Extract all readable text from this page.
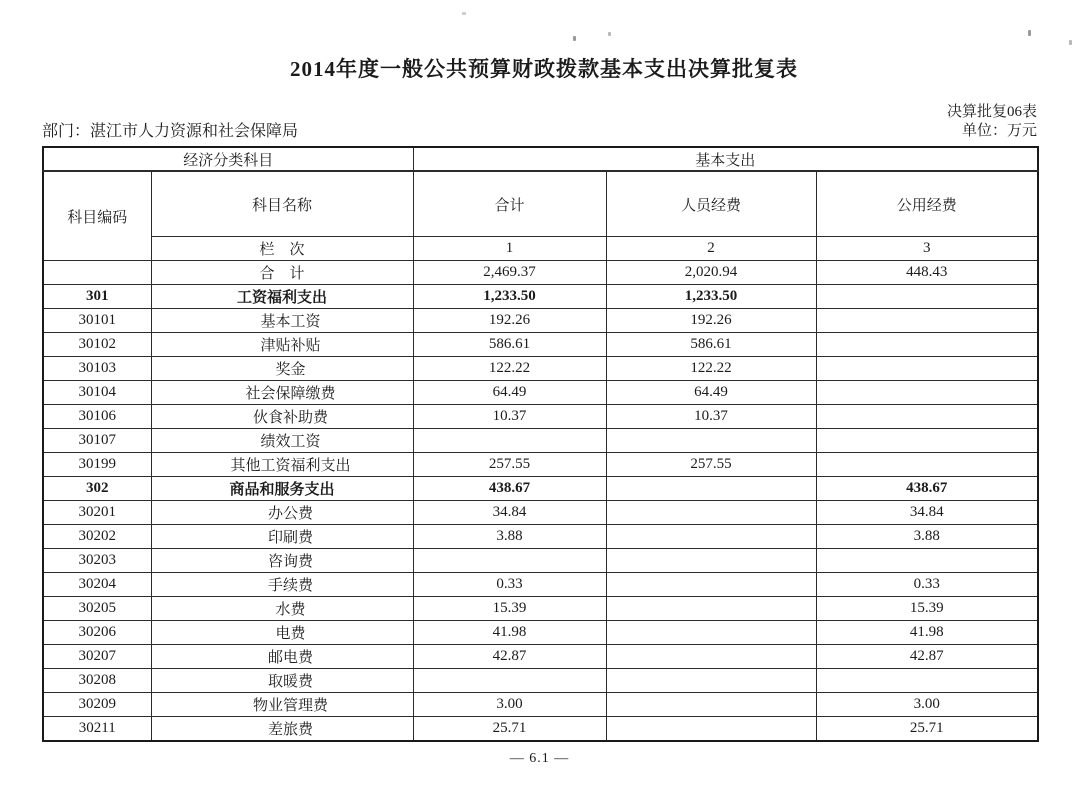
2014年度一般公共预算财政拨款基本支出决算批复表
部门：湛江市人力资源和社会保障局
决算批复06表
单位：万元
经济分类科目		基本支出		
科目编码	科目名称	合计	人员经费	公用经费
	栏　次	1	2	3
	合　计	2,469.37	2,020.94	448.43
301	工资福利支出	1,233.50	1,233.50	
30101	基本工资	192.26	192.26	
30102	津贴补贴	586.61	586.61	
30103	奖金	122.22	122.22	
30104	社会保障缴费	64.49	64.49	
30106	伙食补助费	10.37	10.37	
30107	绩效工资			
30199	其他工资福利支出	257.55	257.55	
302	商品和服务支出	438.67		438.67
30201	办公费	34.84		34.84
30202	印刷费	3.88		3.88
30203	咨询费			
30204	手续费	0.33		0.33
30205	水费	15.39		15.39
30206	电费	41.98		41.98
30207	邮电费	42.87		42.87
30208	取暖费			
30209	物业管理费	3.00		3.00
30211	差旅费	25.71		25.71
— 6.1 —
